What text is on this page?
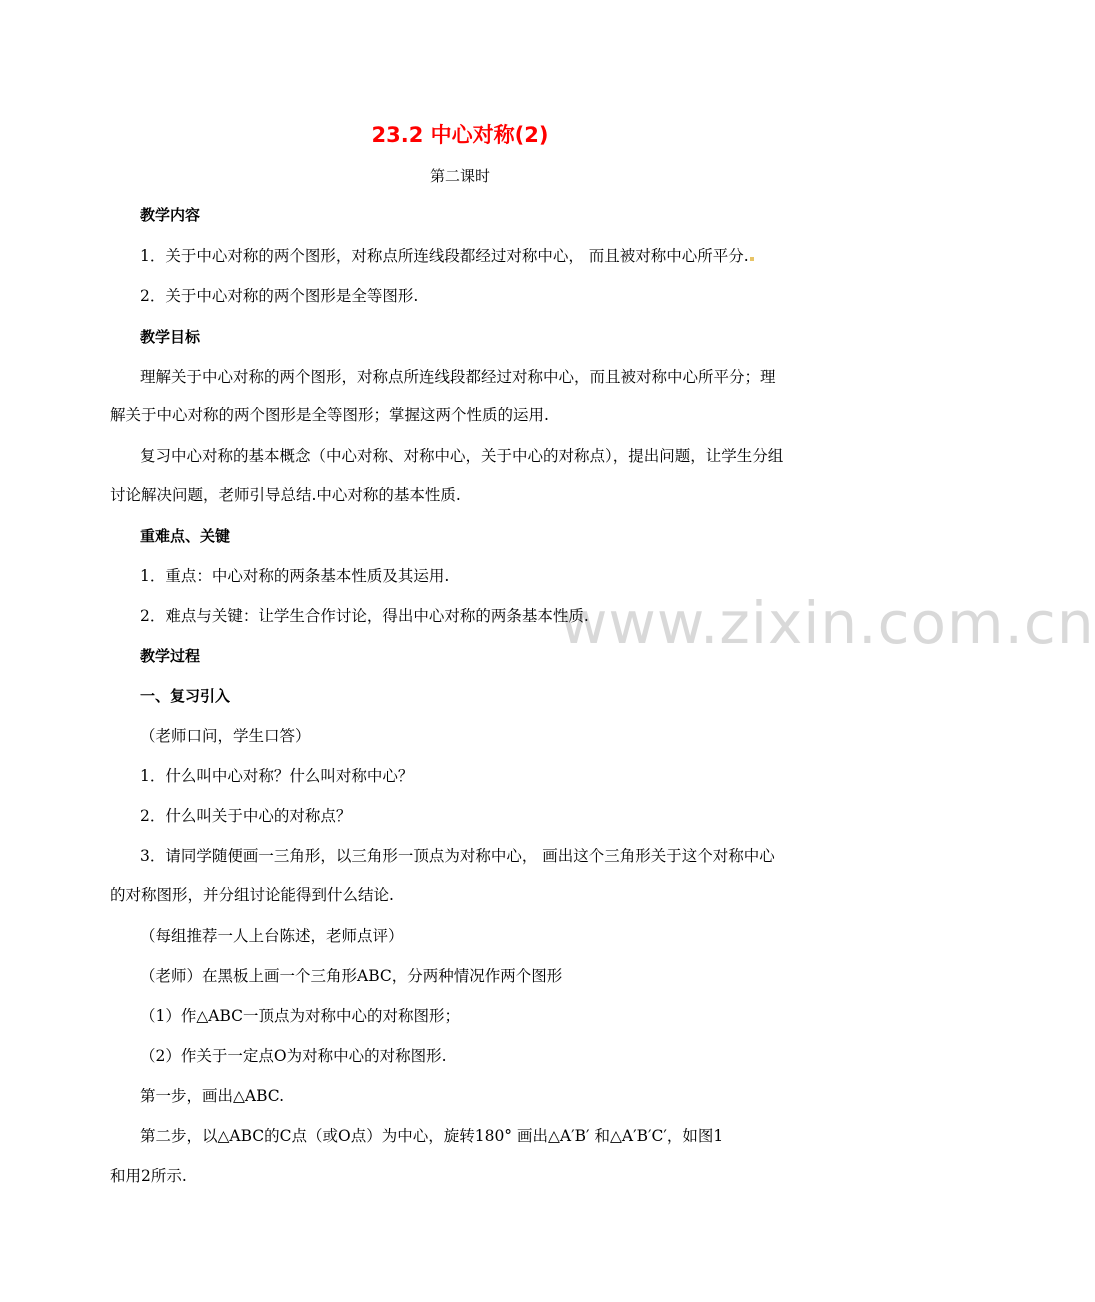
23.2 中心对称(2)
第二课时
www.zixin.com.cn
教学内容
1．关于中心对称的两个图形，对称点所连线段都经过对称中心， 而且被对称中心所平分.
2．关于中心对称的两个图形是全等图形.
教学目标
理解关于中心对称的两个图形，对称点所连线段都经过对称中心，而且被对称中心所平分；理
解关于中心对称的两个图形是全等图形；掌握这两个性质的运用.
复习中心对称的基本概念（中心对称、对称中心，关于中心的对称点），提出问题，让学生分组
讨论解决问题，老师引导总结.中心对称的基本性质.
重难点、关键
1．重点：中心对称的两条基本性质及其运用.
2．难点与关键：让学生合作讨论，得出中心对称的两条基本性质.
教学过程
一、复习引入
（老师口问，学生口答）
1．什么叫中心对称？什么叫对称中心？
2．什么叫关于中心的对称点？
3．请同学随便画一三角形，以三角形一顶点为对称中心， 画出这个三角形关于这个对称中心
的对称图形，并分组讨论能得到什么结论.
（每组推荐一人上台陈述，老师点评）
（老师）在黑板上画一个三角形ABC，分两种情况作两个图形
（1）作△ABC一顶点为对称中心的对称图形；
（2）作关于一定点O为对称中心的对称图形.
第一步，画出△ABC.
第二步，以△ABC的C点（或O点）为中心，旋转180° 画出△A′B′ 和△A′B′C′，如图1
和用2所示.
